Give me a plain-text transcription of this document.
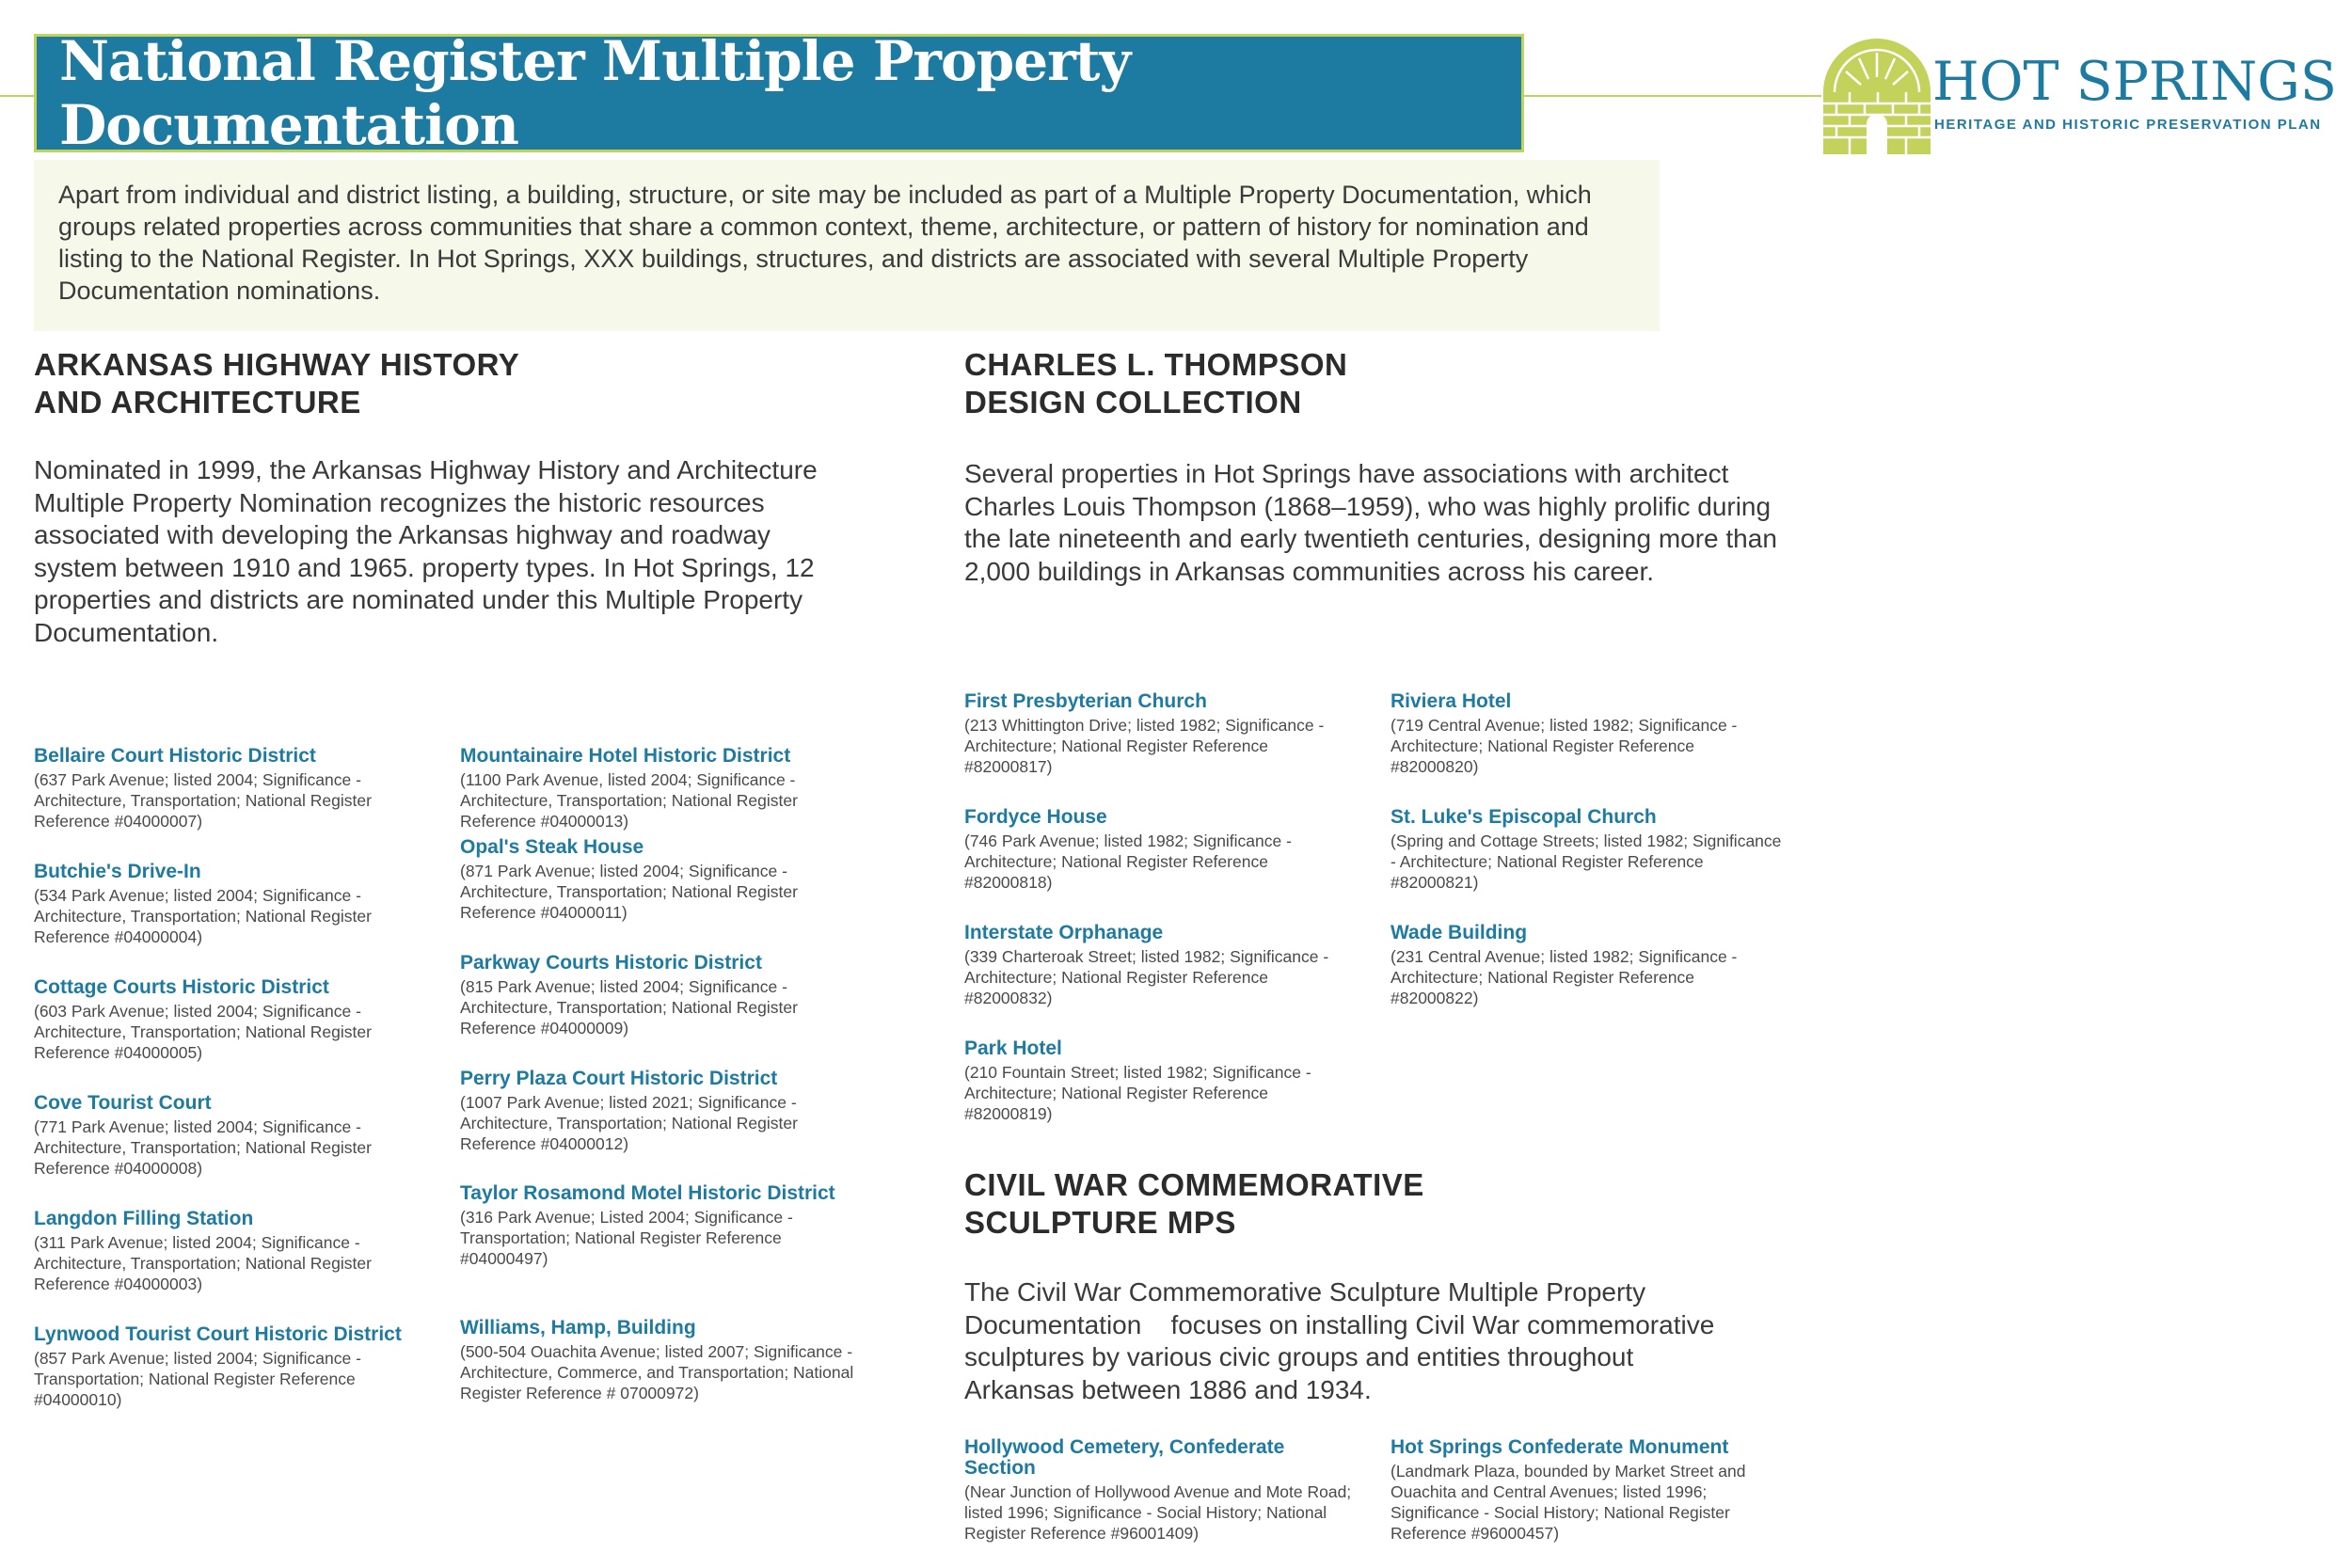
National Register Multiple Property Documentation
HOT SPRINGS
HERITAGE AND HISTORIC PRESERVATION PLAN

Apart from individual and district listing, a building, structure, or site may be included as part of a Multiple Property Documentation, which groups related properties across communities that share a common context, theme, architecture, or pattern of history for nomination and listing to the National Register. In Hot Springs, XXX buildings, structures, and districts are associated with several Multiple Property Documentation nominations.

ARKANSAS HIGHWAY HISTORY
AND ARCHITECTURE

Nominated in 1999, the Arkansas Highway History and Architecture Multiple Property Nomination recognizes the historic resources associated with developing the Arkansas highway and roadway system between 1910 and 1965. property types. In Hot Springs, 12 properties and districts are nominated under this Multiple Property Documentation.

Bellaire Court Historic District

(637 Park Avenue; listed 2004; Significance - Architecture, Transportation; National Register Reference #04000007)

Butchie's Drive-In

(534 Park Avenue; listed 2004; Significance - Architecture, Transportation; National Register Reference #04000004)

Cottage Courts Historic District

(603 Park Avenue; listed 2004; Significance - Architecture, Transportation; National Register Reference #04000005)

Cove Tourist Court

(771 Park Avenue; listed 2004; Significance - Architecture, Transportation; National Register Reference #04000008)

Langdon Filling Station

(311 Park Avenue; listed 2004; Significance - Architecture, Transportation; National Register Reference #04000003)

Lynwood Tourist Court Historic District

(857 Park Avenue; listed 2004; Significance - Transportation; National Register Reference #04000010)

Mountainaire Hotel Historic District

(1100 Park Avenue, listed 2004; Significance - Architecture, Transportation; National Register Reference #04000013)

Opal's Steak House

(871 Park Avenue; listed 2004; Significance - Architecture, Transportation; National Register Reference #04000011)

Parkway Courts Historic District

(815 Park Avenue; listed 2004; Significance - Architecture, Transportation; National Register Reference #04000009)

Perry Plaza Court Historic District

(1007 Park Avenue; listed 2021; Significance - Architecture, Transportation; National Register Reference #04000012)

Taylor Rosamond Motel Historic District

(316 Park Avenue; Listed 2004; Significance - Transportation; National Register Reference #04000497)

Williams, Hamp, Building

(500-504 Ouachita Avenue; listed 2007; Significance - Architecture, Commerce, and Transportation; National Register Reference # 07000972)

CHARLES L. THOMPSON
DESIGN COLLECTION

Several properties in Hot Springs have associations with architect Charles Louis Thompson (1868–1959), who was highly prolific during the late nineteenth and early twentieth centuries, designing more than 2,000 buildings in Arkansas communities across his career.

First Presbyterian Church

(213 Whittington Drive; listed 1982; Significance - Architecture; National Register Reference #82000817)

Fordyce House

(746 Park Avenue; listed 1982; Significance - Architecture; National Register Reference #82000818)

Interstate Orphanage

(339 Charteroak Street; listed 1982; Significance - Architecture; National Register Reference #82000832)

Park Hotel

(210 Fountain Street; listed 1982; Significance - Architecture; National Register Reference #82000819)

Riviera Hotel

(719 Central Avenue; listed 1982; Significance - Architecture; National Register Reference #82000820)

St. Luke's Episcopal Church

(Spring and Cottage Streets; listed 1982; Significance - Architecture; National Register Reference #82000821)

Wade Building

(231 Central Avenue; listed 1982; Significance - Architecture; National Register Reference #82000822)

CIVIL WAR COMMEMORATIVE
SCULPTURE MPS

The Civil War Commemorative Sculpture Multiple Property Documentation    focuses on installing Civil War commemorative sculptures by various civic groups and entities throughout Arkansas between 1886 and 1934.

Hollywood Cemetery, Confederate Section

(Near Junction of Hollywood Avenue and Mote Road; listed 1996; Significance - Social History; National Register Reference #96001409)

Hot Springs Confederate Monument

(Landmark Plaza, bounded by Market Street and Ouachita and Central Avenues; listed 1996; Significance - Social History; National Register Reference #96000457)
